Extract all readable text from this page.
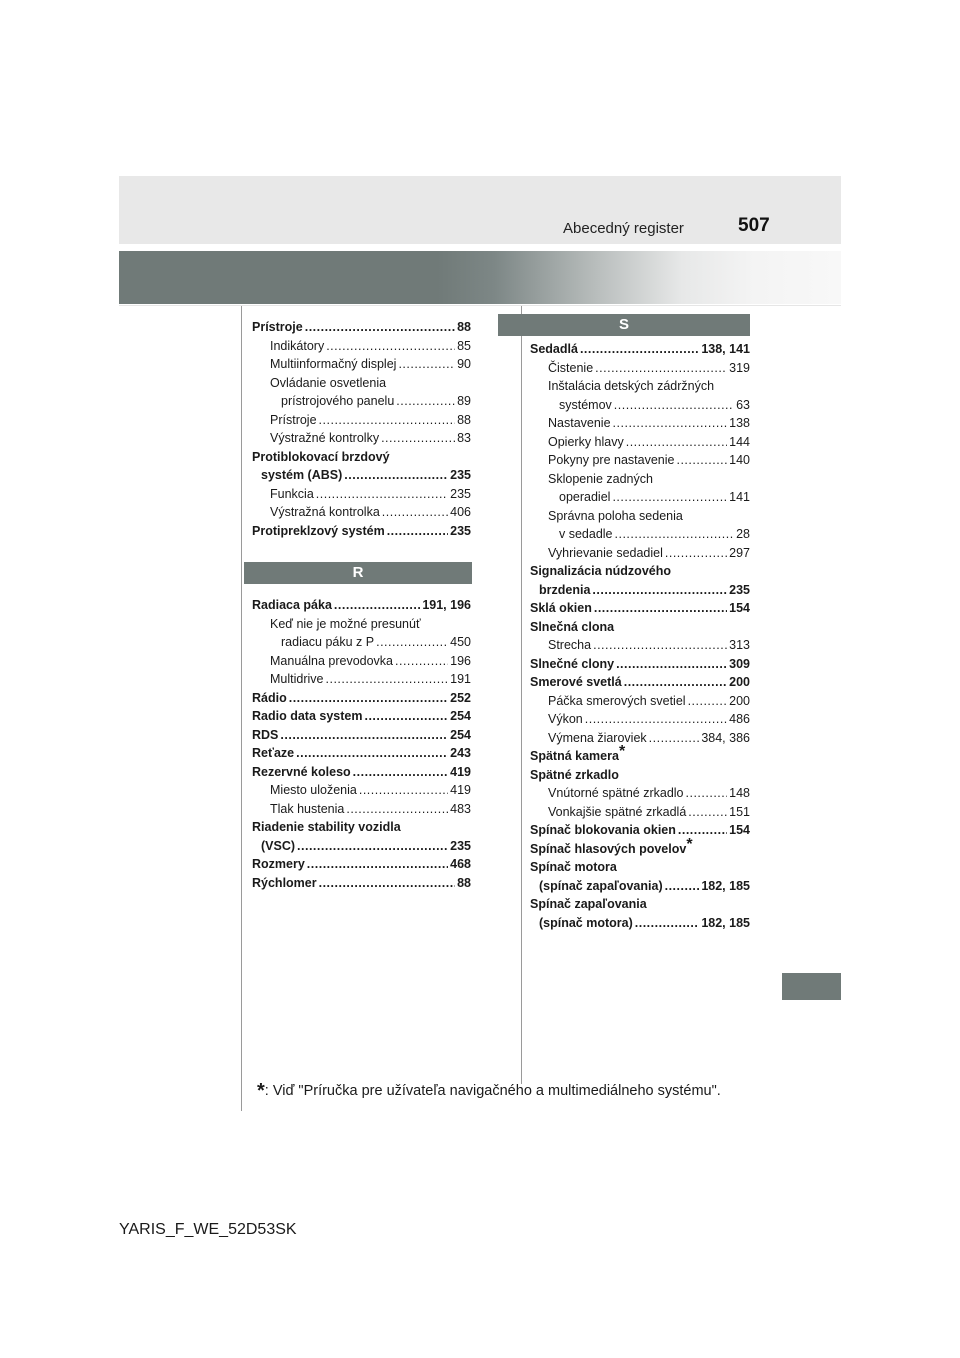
Abecedný register	507
Prístroje .....	88
Indikátory .....	85
Multiinformačný displej .....	90
Ovládanie osvetlenia
prístrojového panelu .....	89
Prístroje .....	88
Výstražné kontrolky .....	83
Protiblokovací brzdový
systém (ABS) .....	235
Funkcia .....	235
Výstražná kontrolka .....	406
Protipreklzový systém .....	235
R
Radiaca páka .....	191, 196
Keď nie je možné presunúť
radiacu páku z P .....	450
Manuálna prevodovka .....	196
Multidrive .....	191
Rádio .....	252
Radio data system .....	254
RDS .....	254
Reťaze .....	243
Rezervné koleso .....	419
Miesto uloženia .....	419
Tlak hustenia .....	483
Riadenie stability vozidla
(VSC) .....	235
Rozmery .....	468
Rýchlomer .....	88
S
Sedadlá .....	138, 141
Čistenie .....	319
Inštalácia detských zádržných
systémov .....	63
Nastavenie .....	138
Opierky hlavy .....	144
Pokyny pre nastavenie .....	140
Sklopenie zadných
operadiel .....	141
Správna poloha sedenia
v sedadle .....	28
Vyhrievanie sedadiel .....	297
Signalizácia núdzového
brzdenia .....	235
Sklá okien .....	154
Slnečná clona
Strecha .....	313
Slnečné clony .....	309
Smerové svetlá .....	200
Páčka smerových svetiel .....	200
Výkon .....	486
Výmena žiaroviek .....	384, 386
Spätná kamera *
Spätné zrkadlo
Vnútorné spätné zrkadlo .....	148
Vonkajšie spätné zrkadlá .....	151
Spínač blokovania okien .....	154
Spínač hlasových povelov *
Spínač motora
(spínač zapaľovania) .....	182, 185
Spínač zapaľovania
(spínač motora) .....	182, 185
*: Viď "Príručka pre užívateľa navigačného a multimediálneho systému".
YARIS_F_WE_52D53SK
